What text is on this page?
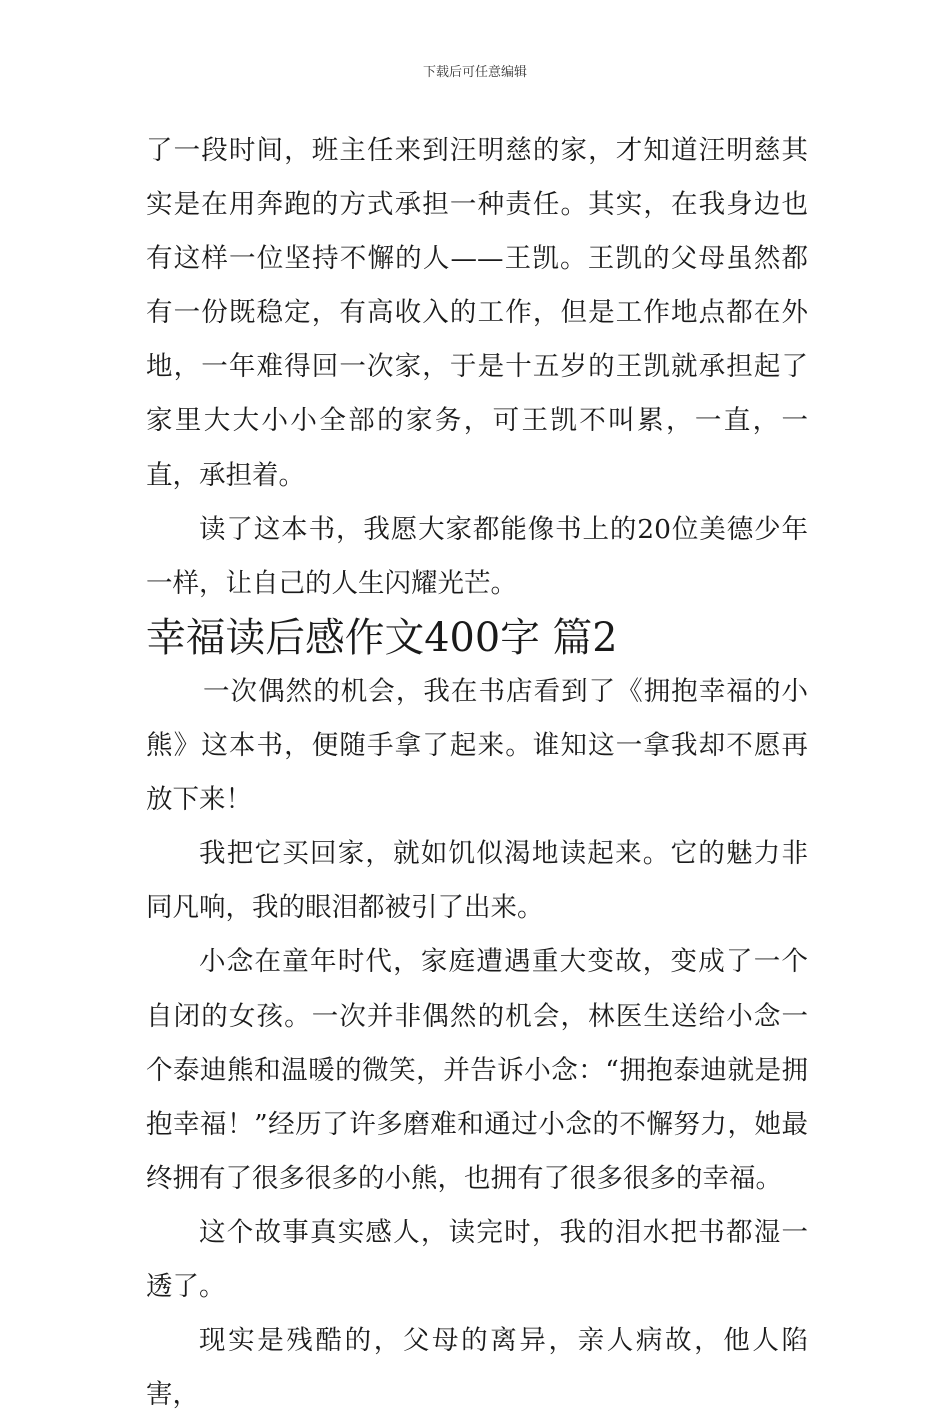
下载后可任意编辑

了一段时间，班主任来到汪明慈的家，才知道汪明慈其实是在用奔跑的方式承担一种责任。其实，在我身边也有这样一位坚持不懈的人——王凯。王凯的父母虽然都有一份既稳定，有高收入的工作，但是工作地点都在外地，一年难得回一次家，于是十五岁的王凯就承担起了家里大大小小全部的家务，可王凯不叫累，一直，一直，承担着。

读了这本书，我愿大家都能像书上的20位美德少年一样，让自己的人生闪耀光芒。

幸福读后感作文400字 篇2

一次偶然的机会，我在书店看到了《拥抱幸福的小熊》这本书，便随手拿了起来。谁知这一拿我却不愿再放下来！

我把它买回家，就如饥似渴地读起来。它的魅力非同凡响，我的眼泪都被引了出来。

小念在童年时代，家庭遭遇重大变故，变成了一个自闭的女孩。一次并非偶然的机会，林医生送给小念一个泰迪熊和温暖的微笑，并告诉小念：“拥抱泰迪就是拥抱幸福！”经历了许多磨难和通过小念的不懈努力，她最终拥有了很多很多的小熊，也拥有了很多很多的幸福。

这个故事真实感人，读完时，我的泪水把书都湿一透了。

现实是残酷的，父母的离异，亲人病故，他人陷害，
